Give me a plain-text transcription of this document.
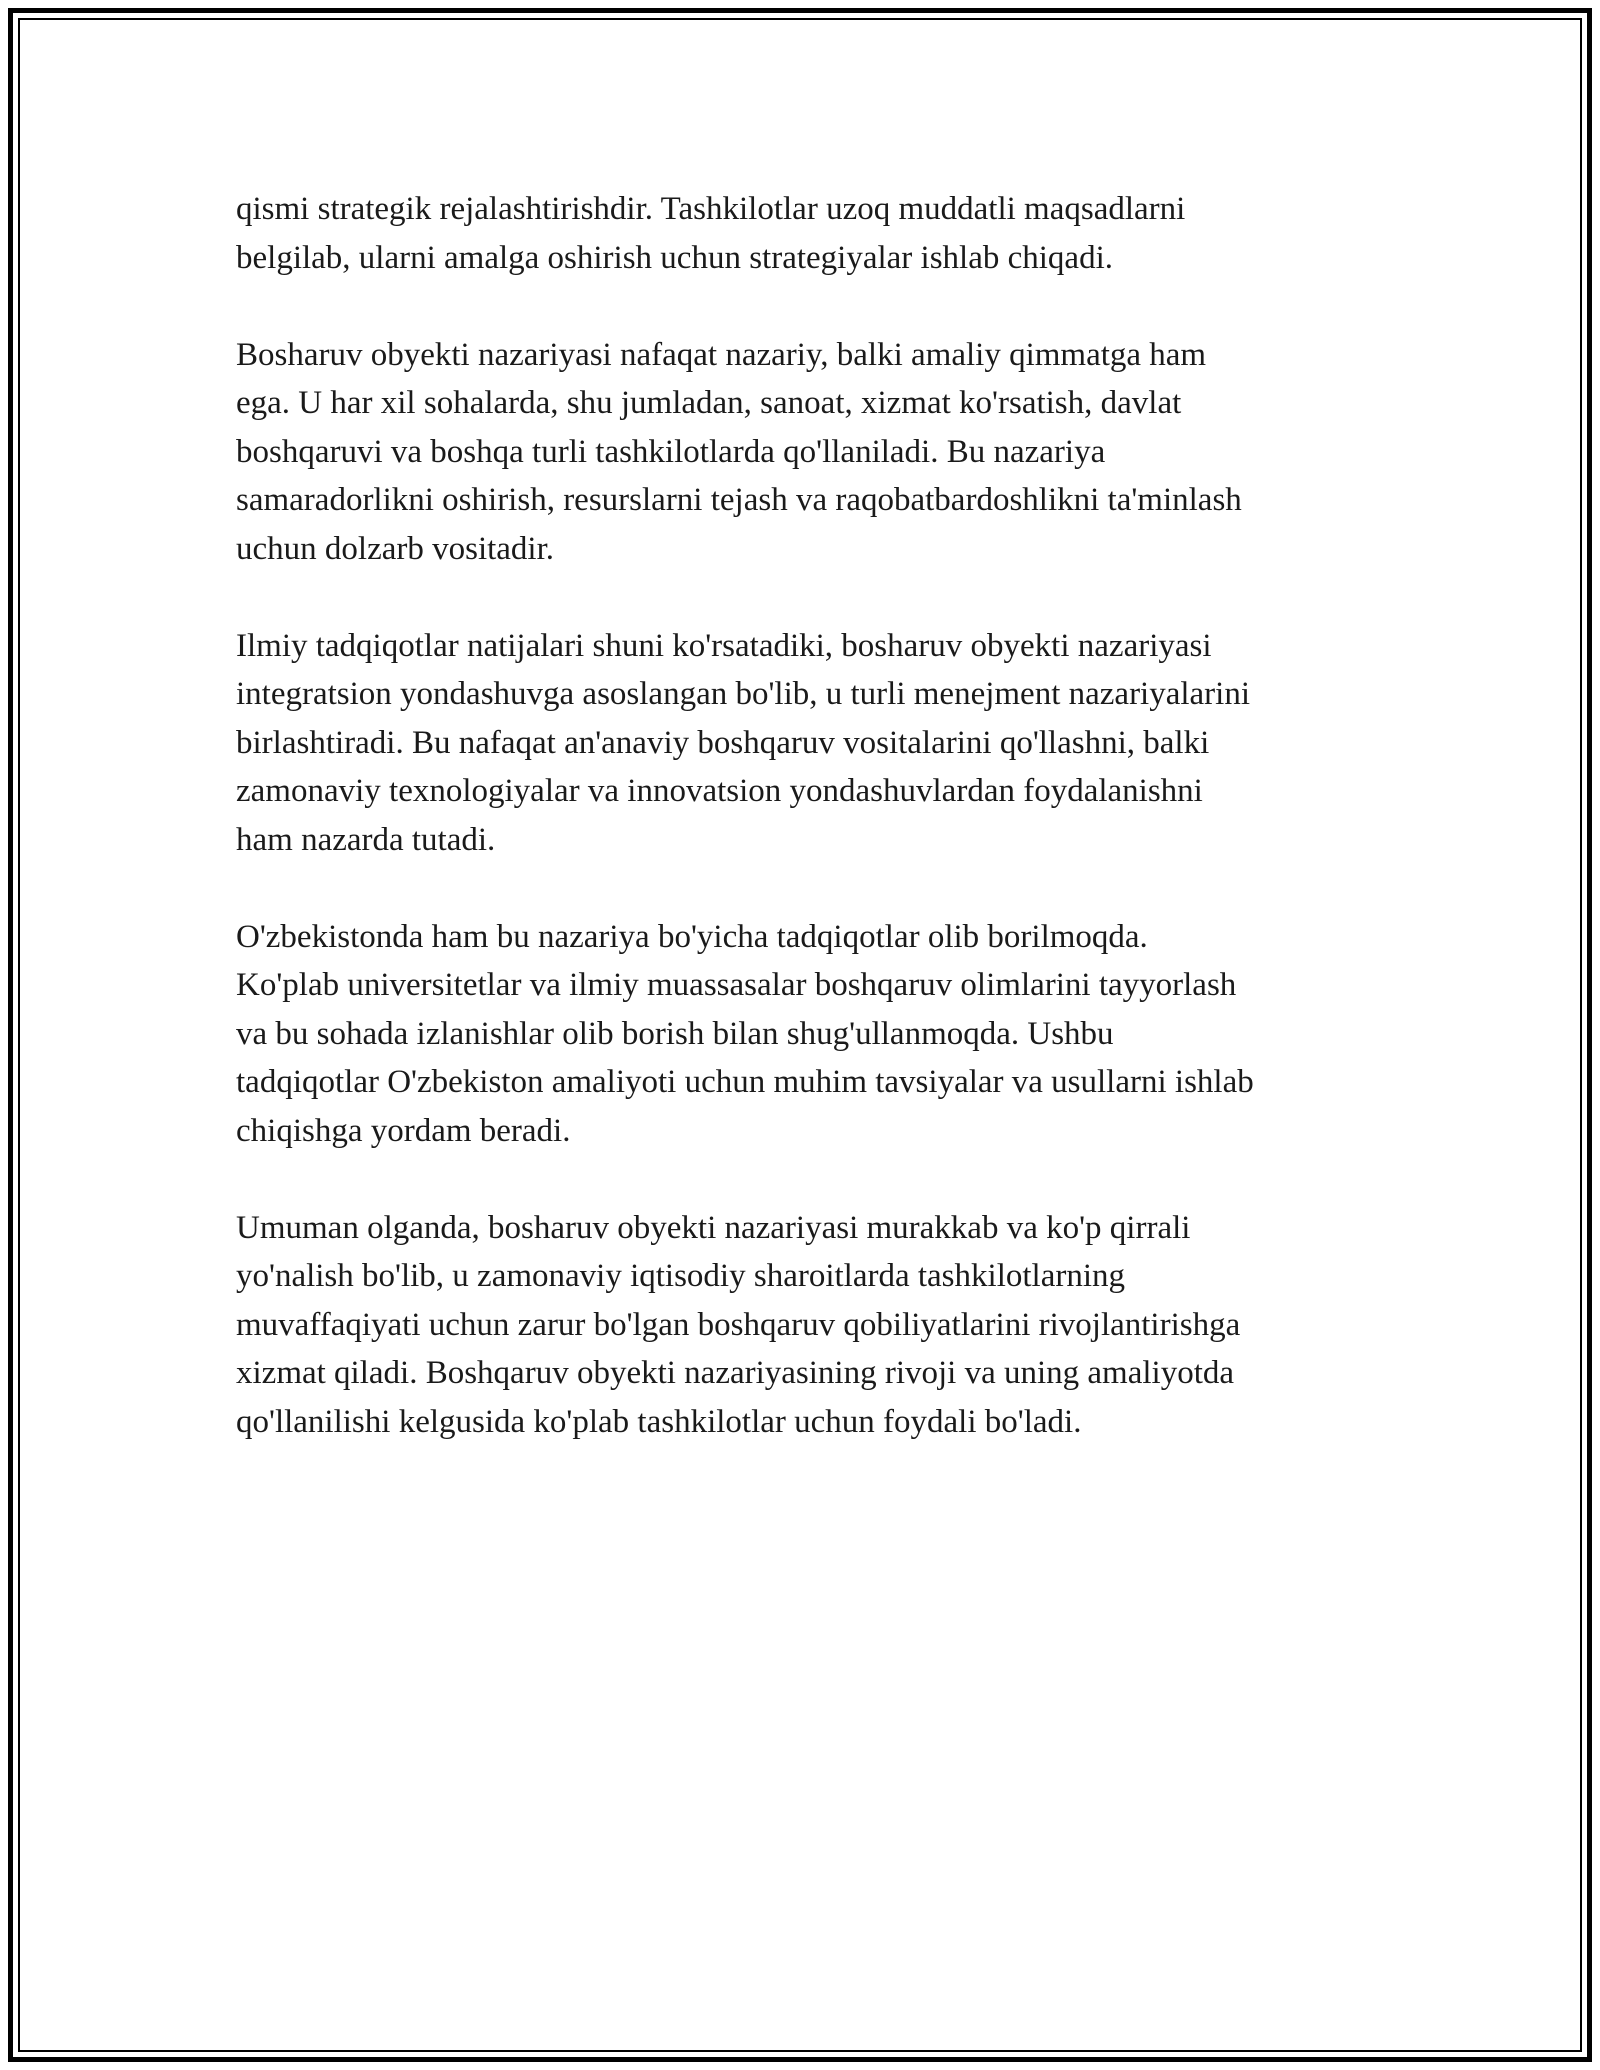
qismi strategik rejalashtirishdir. Tashkilotlar uzoq muddatli maqsadlarni
belgilab, ularni amalga oshirish uchun strategiyalar ishlab chiqadi.

Bosharuv obyekti nazariyasi nafaqat nazariy, balki amaliy qimmatga ham
ega. U har xil sohalarda, shu jumladan, sanoat, xizmat ko'rsatish, davlat
boshqaruvi va boshqa turli tashkilotlarda qo'llaniladi. Bu nazariya
samaradorlikni oshirish, resurslarni tejash va raqobatbardoshlikni ta'minlash
uchun dolzarb vositadir.

Ilmiy tadqiqotlar natijalari shuni ko'rsatadiki, bosharuv obyekti nazariyasi
integratsion yondashuvga asoslangan bo'lib, u turli menejment nazariyalarini
birlashtiradi. Bu nafaqat an'anaviy boshqaruv vositalarini qo'llashni, balki
zamonaviy texnologiyalar va innovatsion yondashuvlardan foydalanishni
ham nazarda tutadi.

O'zbekistonda ham bu nazariya bo'yicha tadqiqotlar olib borilmoqda.
Ko'plab universitetlar va ilmiy muassasalar boshqaruv olimlarini tayyorlash
va bu sohada izlanishlar olib borish bilan shug'ullanmoqda. Ushbu
tadqiqotlar O'zbekiston amaliyoti uchun muhim tavsiyalar va usullarni ishlab
chiqishga yordam beradi.

Umuman olganda, bosharuv obyekti nazariyasi murakkab va ko'p qirrali
yo'nalish bo'lib, u zamonaviy iqtisodiy sharoitlarda tashkilotlarning
muvaffaqiyati uchun zarur bo'lgan boshqaruv qobiliyatlarini rivojlantirishga
xizmat qiladi. Boshqaruv obyekti nazariyasining rivoji va uning amaliyotda
qo'llanilishi kelgusida ko'plab tashkilotlar uchun foydali bo'ladi.
